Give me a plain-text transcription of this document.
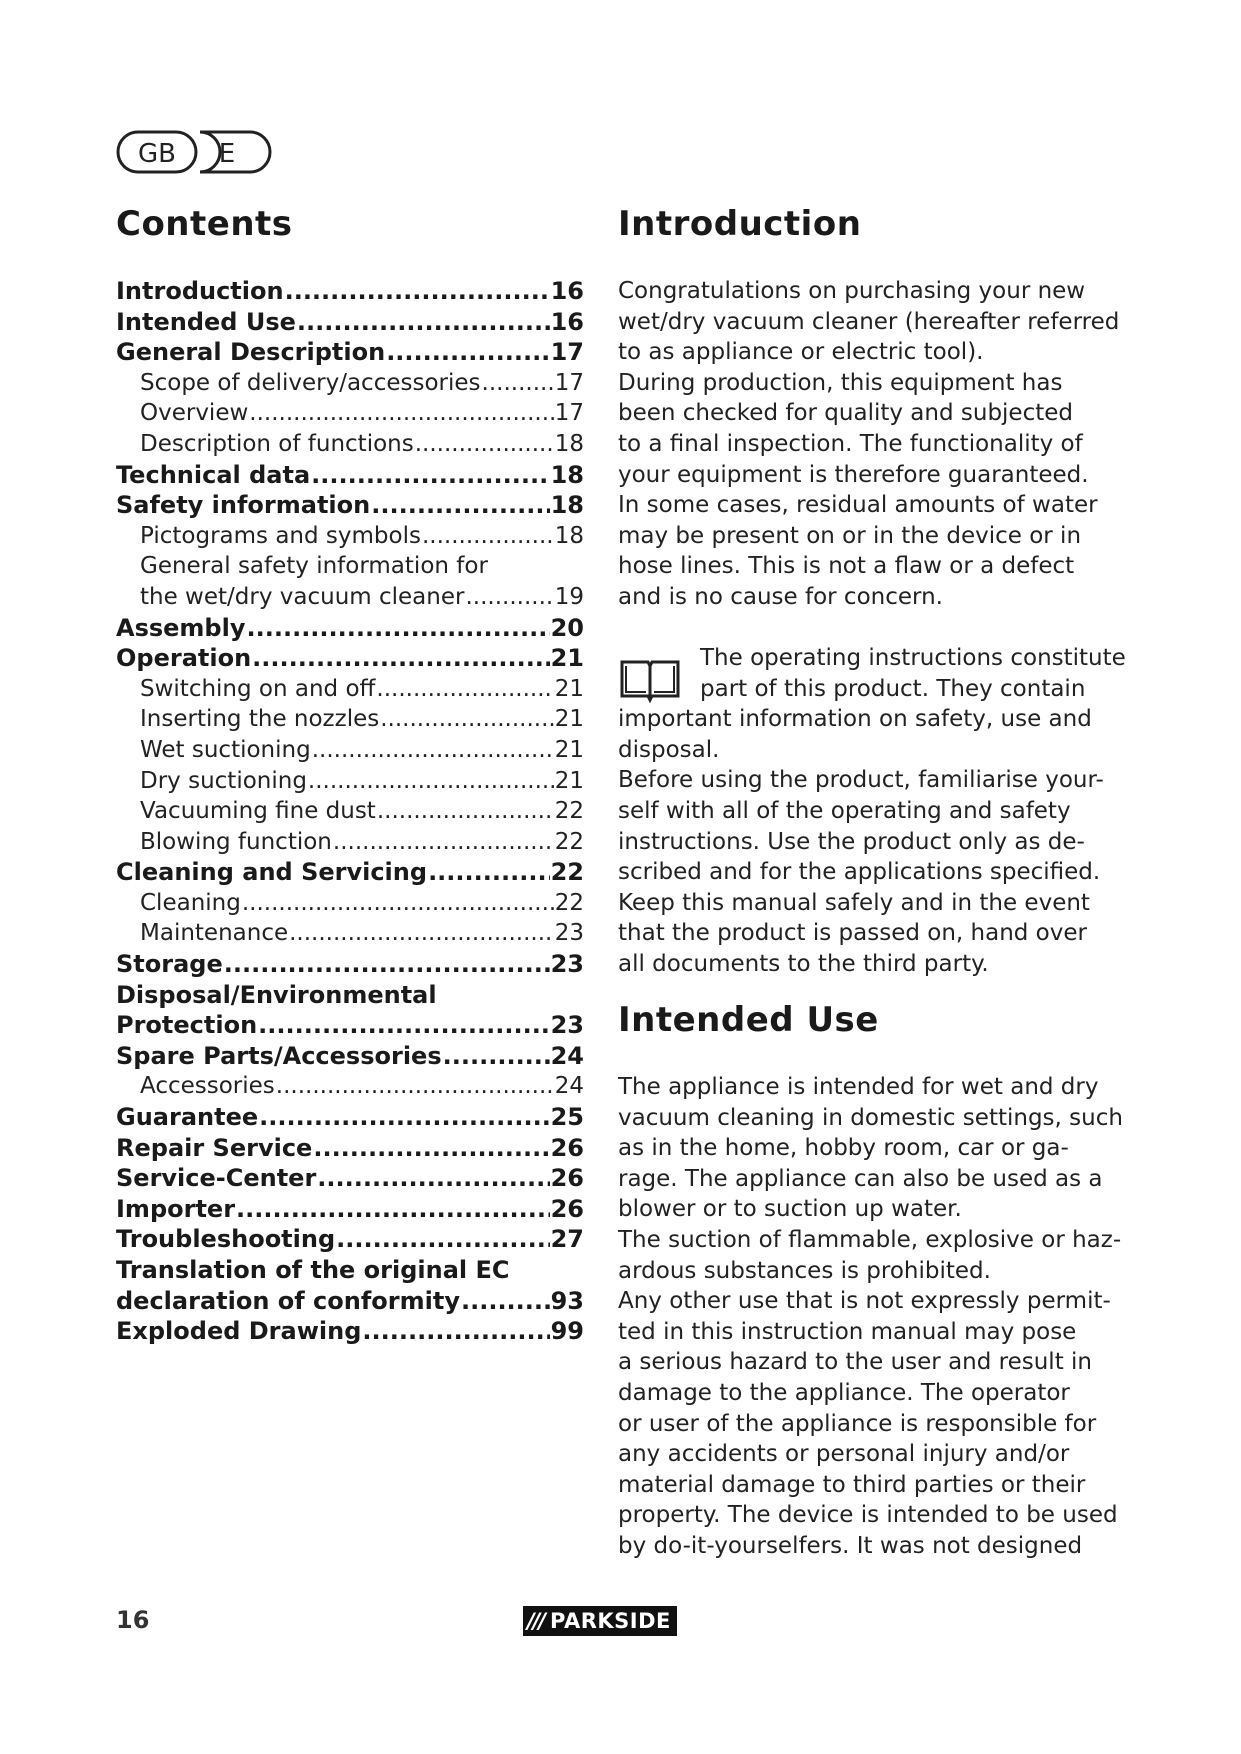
GB E
Contents
Introduction .....	16
Intended Use .....	16
General Description .....	17
Scope of delivery/accessories .....	17
Overview .....	17
Description of functions .....	18
Technical data .....	18
Safety information .....	18
Pictograms and symbols .....	18
General safety information for
the wet/dry vacuum cleaner .....	19
Assembly .....	20
Operation .....	21
Switching on and off .....	21
Inserting the nozzles .....	21
Wet suctioning .....	21
Dry suctioning .....	21
Vacuuming fine dust .....	22
Blowing function .....	22
Cleaning and Servicing .....	22
Cleaning .....	22
Maintenance .....	23
Storage .....	23
Disposal/Environmental
Protection .....	23
Spare Parts/Accessories .....	24
Accessories .....	24
Guarantee .....	25
Repair Service .....	26
Service-Center .....	26
Importer .....	26
Troubleshooting .....	27
Translation of the original EC
declaration of conformity .....	93
Exploded Drawing .....	99
Introduction
Congratulations on purchasing your new
wet/dry vacuum cleaner (hereafter referred
to as appliance or electric tool).
During production, this equipment has
been checked for quality and subjected
to a final inspection. The functionality of
your equipment is therefore guaranteed.
In some cases, residual amounts of water
may be present on or in the device or in
hose lines. This is not a flaw or a defect
and is no cause for concern.
The operating instructions constitute
part of this product. They contain
important information on safety, use and
disposal.
Before using the product, familiarise your-
self with all of the operating and safety
instructions. Use the product only as de-
scribed and for the applications specified.
Keep this manual safely and in the event
that the product is passed on, hand over
all documents to the third party.
Intended Use
The appliance is intended for wet and dry
vacuum cleaning in domestic settings, such
as in the home, hobby room, car or ga-
rage. The appliance can also be used as a
blower or to suction up water.
The suction of flammable, explosive or haz-
ardous substances is prohibited.
Any other use that is not expressly permit-
ted in this instruction manual may pose
a serious hazard to the user and result in
damage to the appliance. The operator
or user of the appliance is responsible for
any accidents or personal injury and/or
material damage to third parties or their
property. The device is intended to be used
by do-it-yourselfers. It was not designed
16	/// PARKSIDE
